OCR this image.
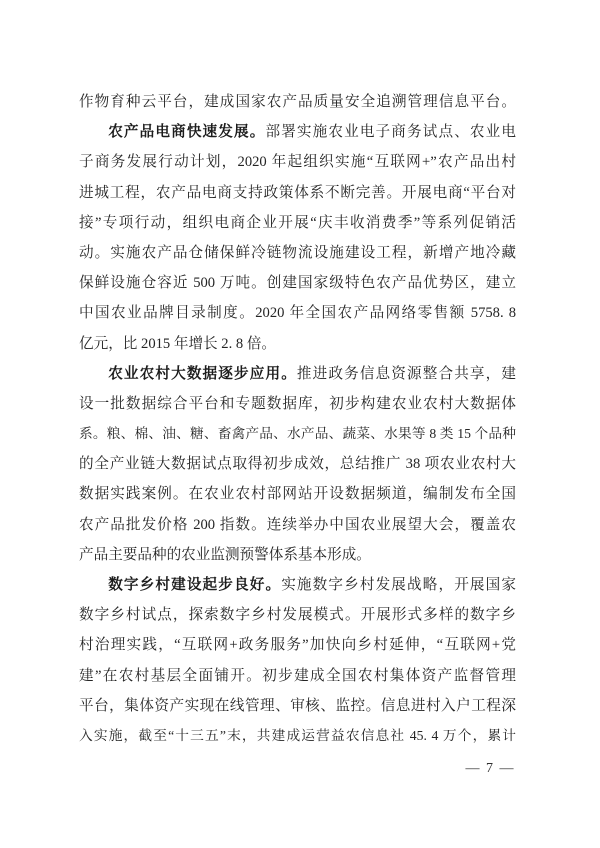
作物育种云平台，建成国家农产品质量安全追溯管理信息平台。
农产品电商快速发展。部署实施农业电子商务试点、农业电
子商务发展行动计划，2020 年起组织实施“互联网+”农产品出村
进城工程，农产品电商支持政策体系不断完善。开展电商“平台对
接”专项行动，组织电商企业开展“庆丰收消费季”等系列促销活
动。实施农产品仓储保鲜冷链物流设施建设工程，新增产地冷藏
保鲜设施仓容近 500 万吨。创建国家级特色农产品优势区，建立
中国农业品牌目录制度。2020 年全国农产品网络零售额 5758. 8
亿元，比 2015 年增长 2. 8 倍。
农业农村大数据逐步应用。推进政务信息资源整合共享，建
设一批数据综合平台和专题数据库，初步构建农业农村大数据体
系。粮、棉、油、糖、畜禽产品、水产品、蔬菜、水果等 8 类 15 个品种
的全产业链大数据试点取得初步成效，总结推广 38 项农业农村大
数据实践案例。在农业农村部网站开设数据频道，编制发布全国
农产品批发价格 200 指数。连续举办中国农业展望大会，覆盖农
产品主要品种的农业监测预警体系基本形成。
数字乡村建设起步良好。实施数字乡村发展战略，开展国家
数字乡村试点，探索数字乡村发展模式。开展形式多样的数字乡
村治理实践，“互联网+政务服务”加快向乡村延伸，“互联网+党
建”在农村基层全面铺开。初步建成全国农村集体资产监督管理
平台，集体资产实现在线管理、审核、监控。信息进村入户工程深
入实施，截至“十三五”末，共建成运营益农信息社 45. 4 万个，累计
— 7 —
